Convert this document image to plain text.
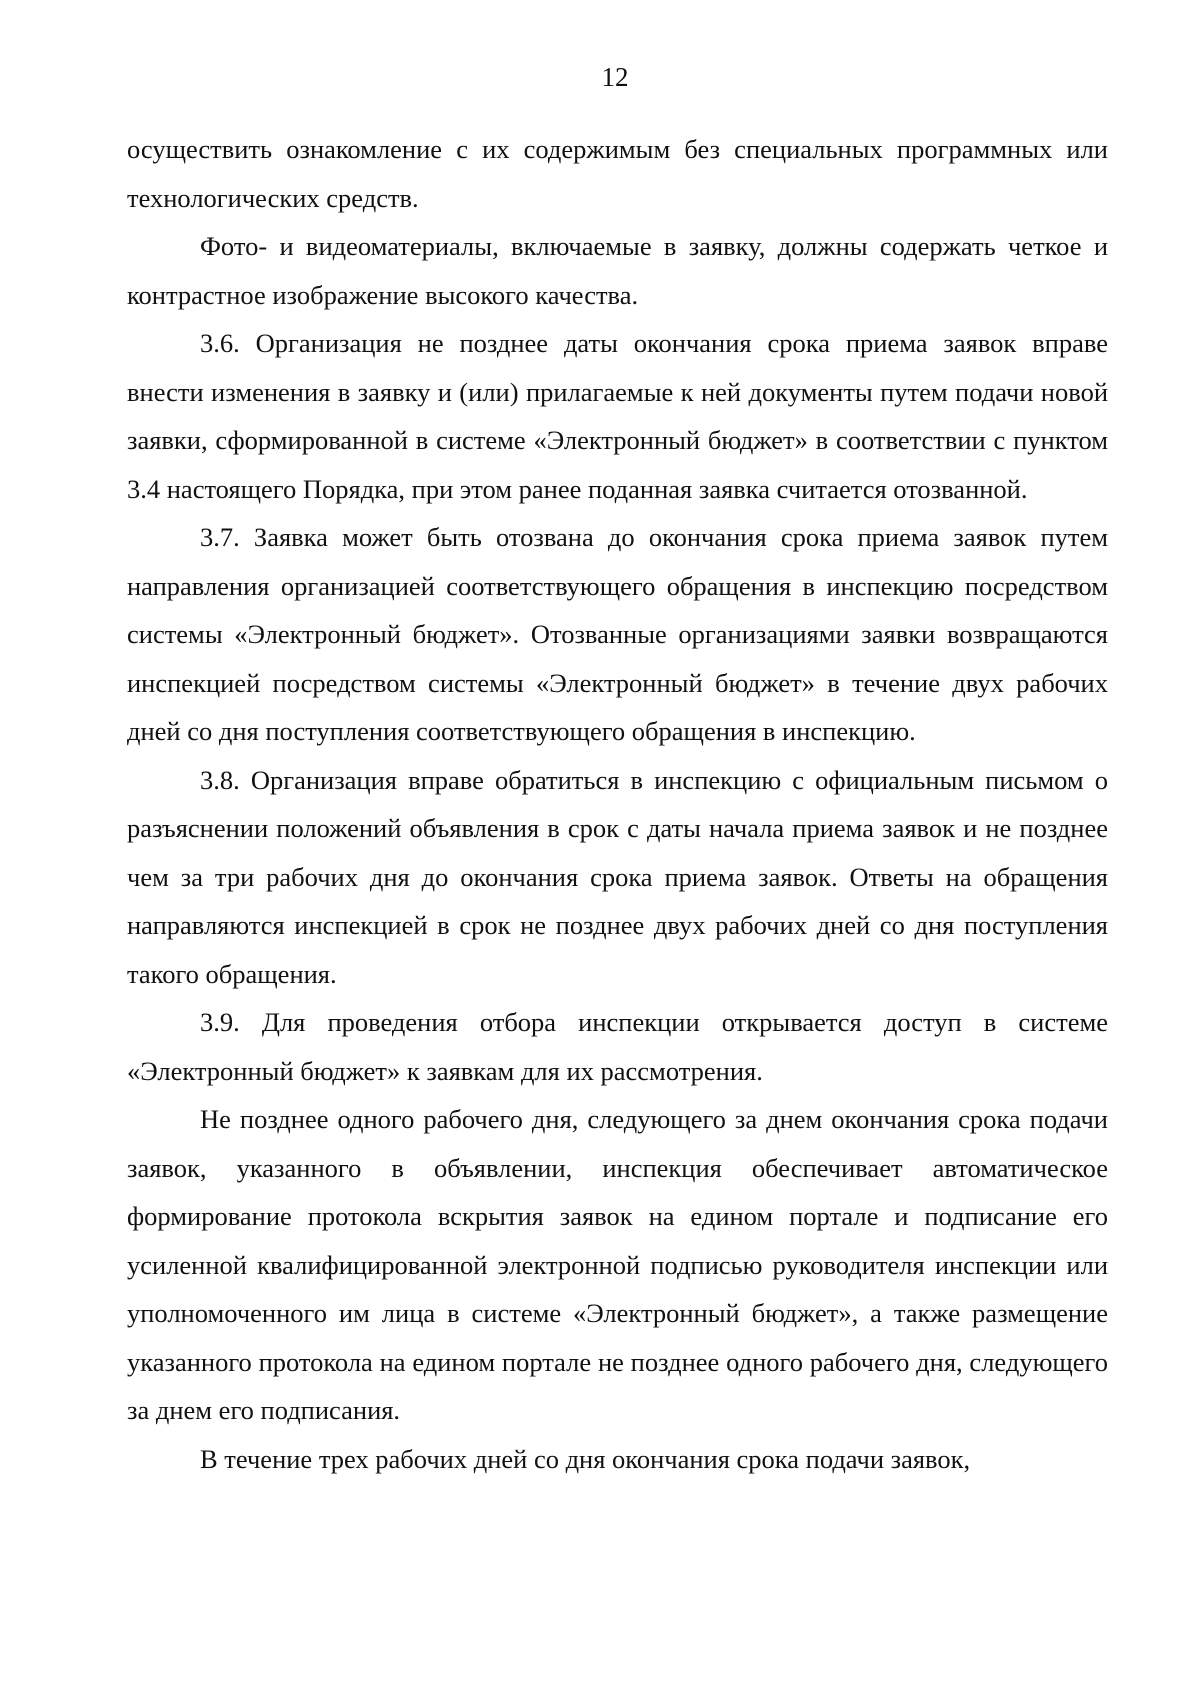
12

осуществить ознакомление с их содержимым без специальных программных или технологических средств.

Фото- и видеоматериалы, включаемые в заявку, должны содержать четкое и контрастное изображение высокого качества.

3.6. Организация не позднее даты окончания срока приема заявок вправе внести изменения в заявку и (или) прилагаемые к ней документы путем подачи новой заявки, сформированной в системе «Электронный бюджет» в соответствии с пунктом 3.4 настоящего Порядка, при этом ранее поданная заявка считается отозванной.

3.7. Заявка может быть отозвана до окончания срока приема заявок путем направления организацией соответствующего обращения в инспекцию посредством системы «Электронный бюджет». Отозванные организациями заявки возвращаются инспекцией посредством системы «Электронный бюджет» в течение двух рабочих дней со дня поступления соответствующего обращения в инспекцию.

3.8. Организация вправе обратиться в инспекцию с официальным письмом о разъяснении положений объявления в срок с даты начала приема заявок и не позднее чем за три рабочих дня до окончания срока приема заявок. Ответы на обращения направляются инспекцией в срок не позднее двух рабочих дней со дня поступления такого обращения.

3.9. Для проведения отбора инспекции открывается доступ в системе «Электронный бюджет» к заявкам для их рассмотрения.

Не позднее одного рабочего дня, следующего за днем окончания срока подачи заявок, указанного в объявлении, инспекция обеспечивает автоматическое формирование протокола вскрытия заявок на едином портале и подписание его усиленной квалифицированной электронной подписью руководителя инспекции или уполномоченного им лица в системе «Электронный бюджет», а также размещение указанного протокола на едином портале не позднее одного рабочего дня, следующего за днем его подписания.

В течение трех рабочих дней со дня окончания срока подачи заявок,
